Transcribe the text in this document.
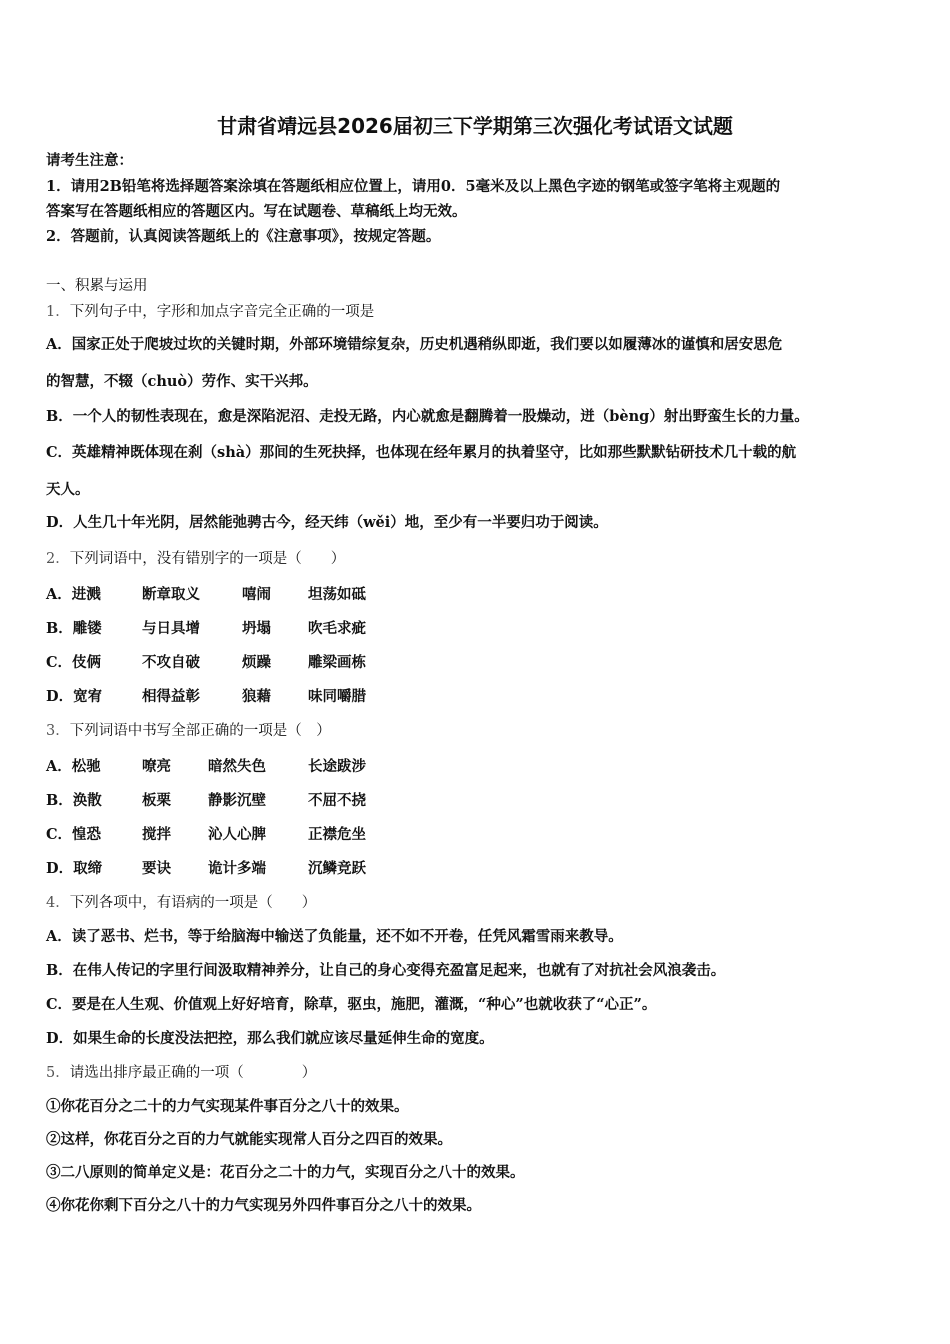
甘肃省靖远县2026届初三下学期第三次强化考试语文试题
请考生注意：
1．请用2B铅笔将选择题答案涂填在答题纸相应位置上，请用0．5毫米及以上黑色字迹的钢笔或签字笔将主观题的
答案写在答题纸相应的答题区内。写在试题卷、草稿纸上均无效。
2．答题前，认真阅读答题纸上的《注意事项》，按规定答题。
一、积累与运用
1．下列句子中，字形和加点字音完全正确的一项是
A．国家正处于爬坡过坎的关键时期，外部环境错综复杂，历史机遇稍纵即逝，我们要以如履薄冰的谨慎和居安思危
的智慧，不辍（chuò）劳作、实干兴邦。
B．一个人的韧性表现在，愈是深陷泥沼、走投无路，内心就愈是翻腾着一股燥动，迸（bèng）射出野蛮生长的力量。
C．英雄精神既体现在刹（shà）那间的生死抉择，也体现在经年累月的执着坚守，比如那些默默钻研技术几十载的航
天人。
D．人生几十年光阴，居然能弛骋古今，经天纬（wěi）地，至少有一半要归功于阅读。
2．下列词语中，没有错别字的一项是（　　）
A．进溅	断章取义	嘻闹	坦荡如砥
B．雕镂	与日具增	坍塌	吹毛求疵
C．伎俩	不攻自破	烦躁	雕梁画栋
D．宽宥	相得益彰	狼藉	味同嚼腊
3．下列词语中书写全部正确的一项是（　）
A．松驰	嘹亮	暗然失色	长途跋涉
B．涣散	板栗	静影沉壁	不屈不挠
C．惶恐	搅拌	沁人心脾	正襟危坐
D．取缔	要诀	诡计多端	沉鳞竞跃
4．下列各项中，有语病的一项是（　　）
A．读了恶书、烂书，等于给脑海中输送了负能量，还不如不开卷，任凭风霜雪雨来教导。
B．在伟人传记的字里行间汲取精神养分，让自己的身心变得充盈富足起来，也就有了对抗社会风浪袭击。
C．要是在人生观、价值观上好好培育，除草，驱虫，施肥，灌溉，“种心”也就收获了“心正”。
D．如果生命的长度没法把控，那么我们就应该尽量延伸生命的宽度。
5．请选出排序最正确的一项（　　　　）
①你花百分之二十的力气实现某件事百分之八十的效果。
②这样，你花百分之百的力气就能实现常人百分之四百的效果。
③二八原则的简单定义是：花百分之二十的力气，实现百分之八十的效果。
④你花你剩下百分之八十的力气实现另外四件事百分之八十的效果。
